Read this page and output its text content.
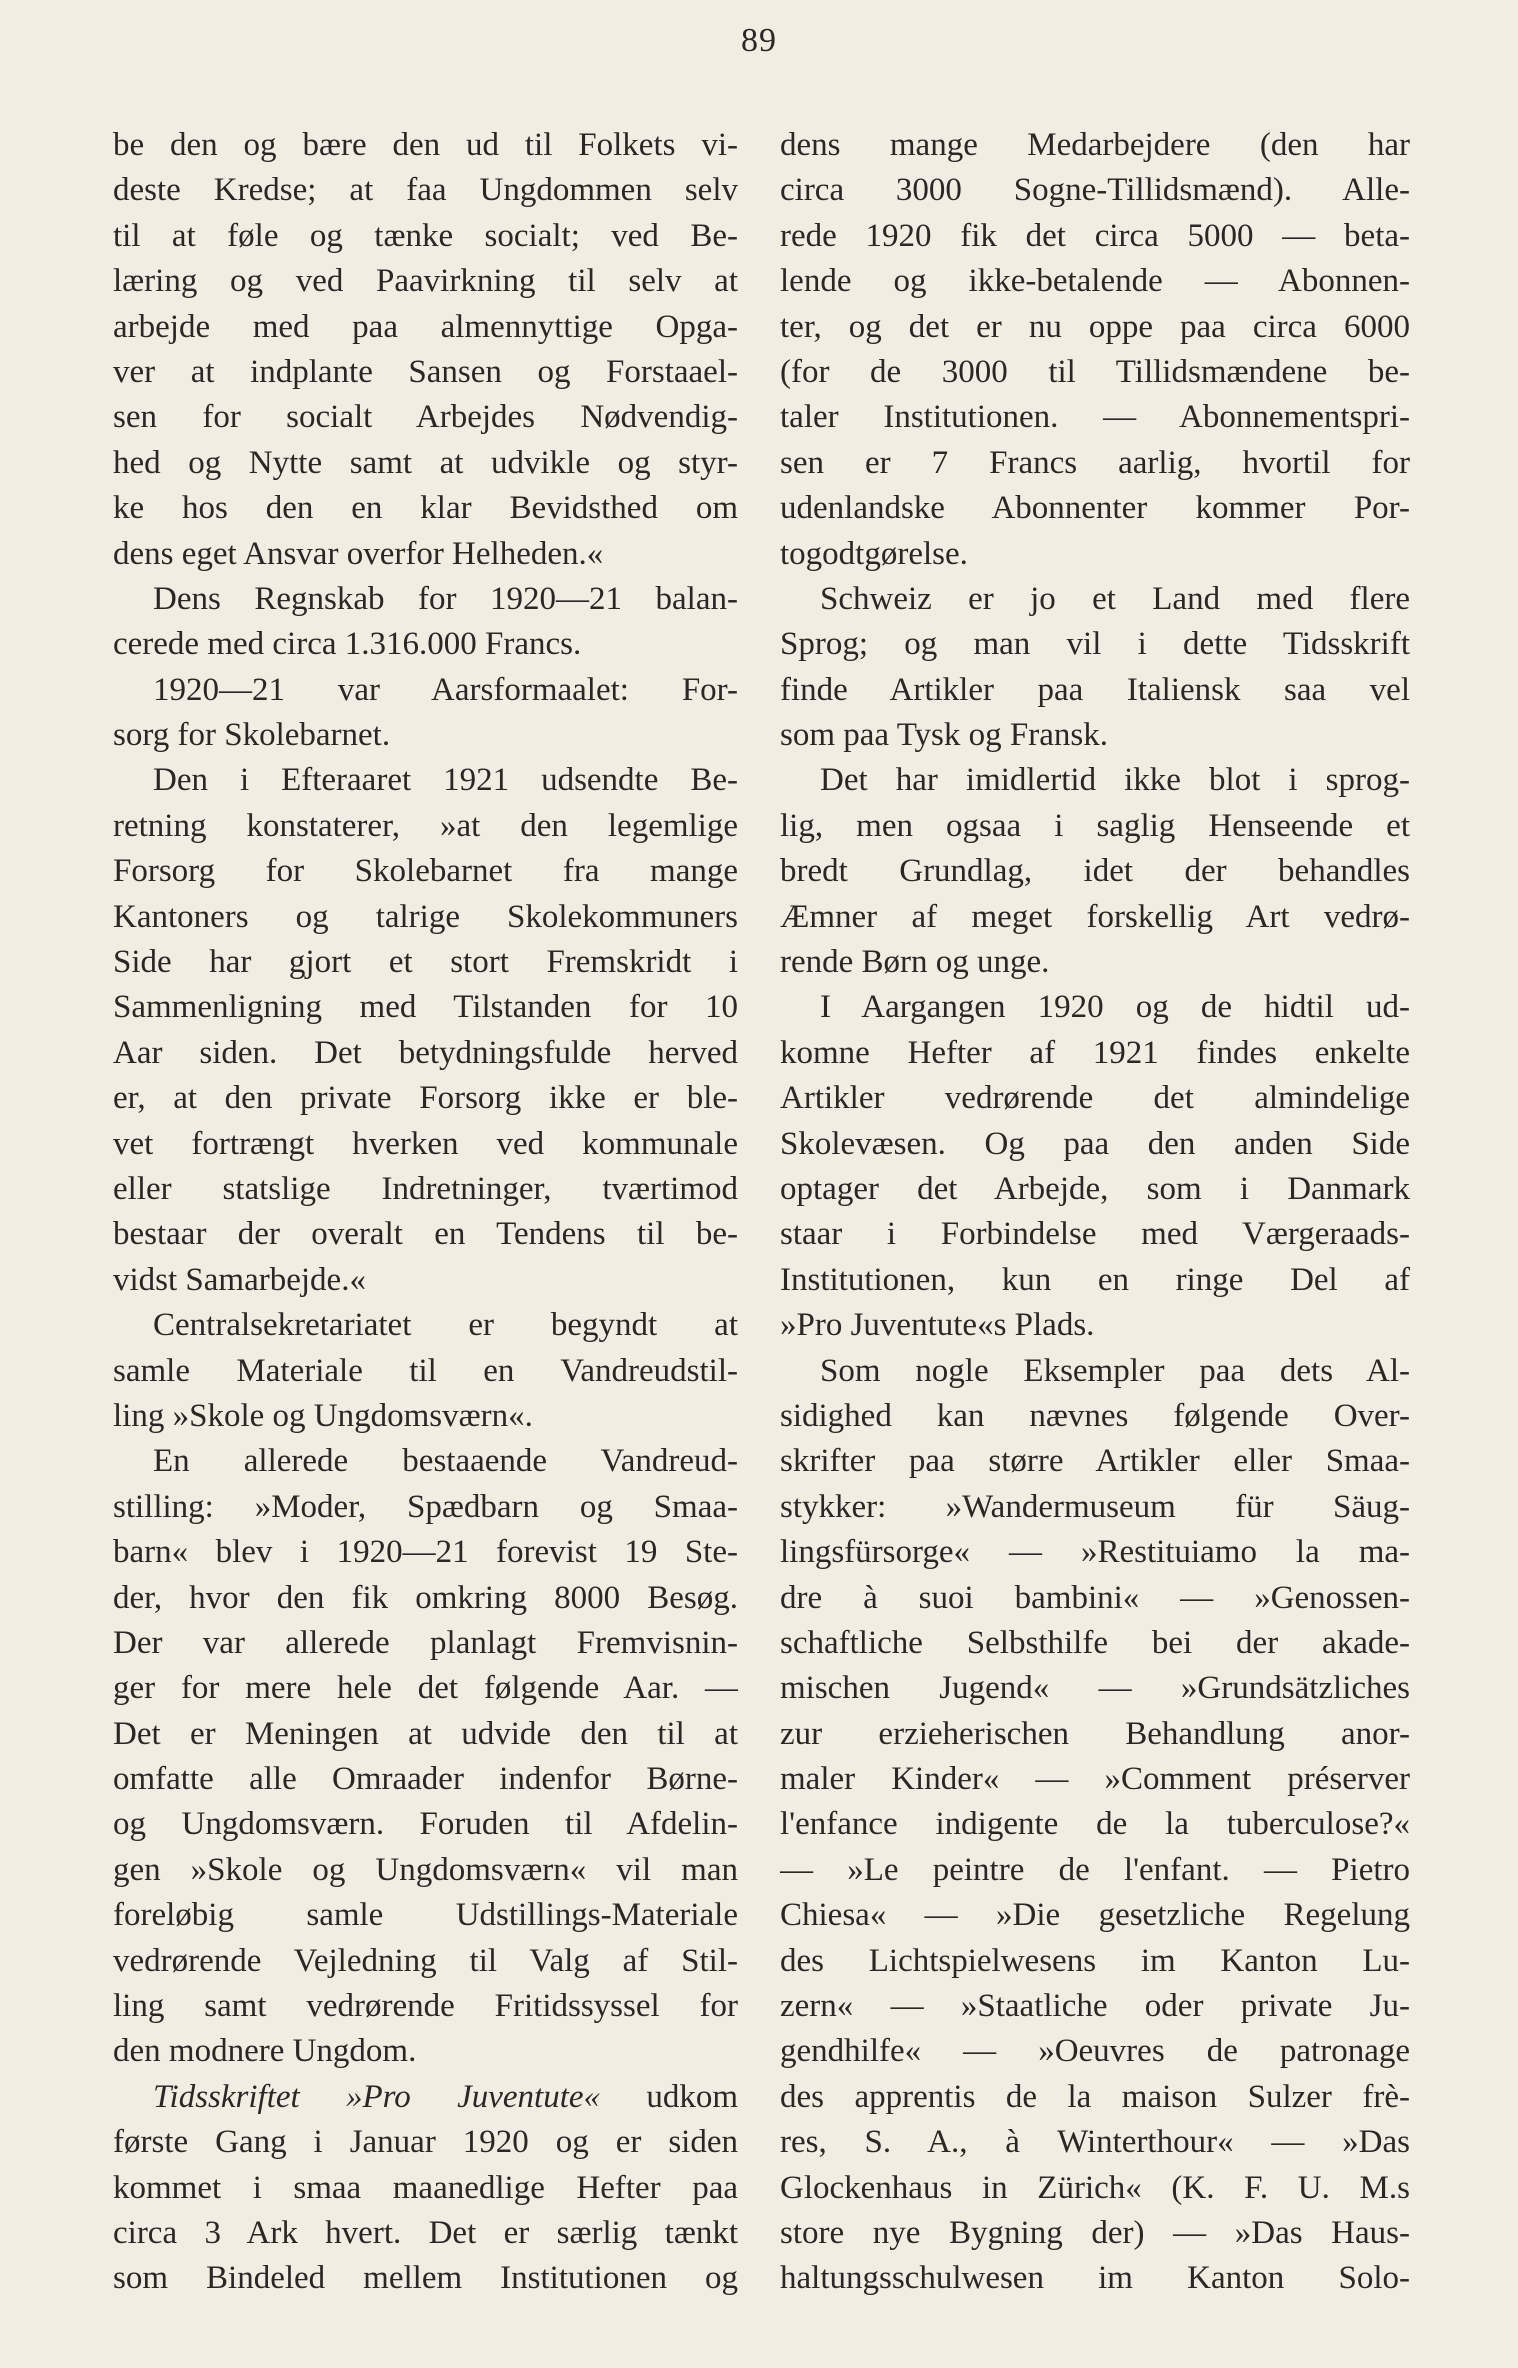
89
be den og bære den ud til Folkets vi-
deste Kredse; at faa Ungdommen selv
til at føle og tænke socialt; ved Be-
læring og ved Paavirkning til selv at
arbejde med paa almennyttige Opga-
ver at indplante Sansen og Forstaael-
sen for socialt Arbejdes Nødvendig-
hed og Nytte samt at udvikle og styr-
ke hos den en klar Bevidsthed om
dens eget Ansvar overfor Helheden.«
Dens Regnskab for 1920—21 balan-
cerede med circa 1.316.000 Francs.
1920—21 var Aarsformaalet: For-
sorg for Skolebarnet.
Den i Efteraaret 1921 udsendte Be-
retning konstaterer, »at den legemlige
Forsorg for Skolebarnet fra mange
Kantoners og talrige Skolekommuners
Side har gjort et stort Fremskridt i
Sammenligning med Tilstanden for 10
Aar siden. Det betydningsfulde herved
er, at den private Forsorg ikke er ble-
vet fortrængt hverken ved kommunale
eller statslige Indretninger, tværtimod
bestaar der overalt en Tendens til be-
vidst Samarbejde.«
Centralsekretariatet er begyndt at
samle Materiale til en Vandreudstil-
ling »Skole og Ungdomsværn«.
En allerede bestaaende Vandreud-
stilling: »Moder, Spædbarn og Smaa-
barn« blev i 1920—21 forevist 19 Ste-
der, hvor den fik omkring 8000 Besøg.
Der var allerede planlagt Fremvisnin-
ger for mere hele det følgende Aar. —
Det er Meningen at udvide den til at
omfatte alle Omraader indenfor Børne-
og Ungdomsværn. Foruden til Afdelin-
gen »Skole og Ungdomsværn« vil man
foreløbig samle Udstillings-Materiale
vedrørende Vejledning til Valg af Stil-
ling samt vedrørende Fritidssyssel for
den modnere Ungdom.
Tidsskriftet »Pro Juventute« udkom
første Gang i Januar 1920 og er siden
kommet i smaa maanedlige Hefter paa
circa 3 Ark hvert. Det er særlig tænkt
som Bindeled mellem Institutionen og
dens mange Medarbejdere (den har
circa 3000 Sogne-Tillidsmænd). Alle-
rede 1920 fik det circa 5000 — beta-
lende og ikke-betalende — Abonnen-
ter, og det er nu oppe paa circa 6000
(for de 3000 til Tillidsmændene be-
taler Institutionen. — Abonnementspri-
sen er 7 Francs aarlig, hvortil for
udenlandske Abonnenter kommer Por-
togodtgørelse.
Schweiz er jo et Land med flere
Sprog; og man vil i dette Tidsskrift
finde Artikler paa Italiensk saa vel
som paa Tysk og Fransk.
Det har imidlertid ikke blot i sprog-
lig, men ogsaa i saglig Henseende et
bredt Grundlag, idet der behandles
Æmner af meget forskellig Art vedrø-
rende Børn og unge.
I Aargangen 1920 og de hidtil ud-
komne Hefter af 1921 findes enkelte
Artikler vedrørende det almindelige
Skolevæsen. Og paa den anden Side
optager det Arbejde, som i Danmark
staar i Forbindelse med Værgeraads-
Institutionen, kun en ringe Del af
»Pro Juventute«s Plads.
Som nogle Eksempler paa dets Al-
sidighed kan nævnes følgende Over-
skrifter paa større Artikler eller Smaa-
stykker: »Wandermuseum für Säug-
lingsfürsorge« — »Restituiamo la ma-
dre à suoi bambini« — »Genossen-
schaftliche Selbsthilfe bei der akade-
mischen Jugend« — »Grundsätzliches
zur erzieherischen Behandlung anor-
maler Kinder« — »Comment préserver
l'enfance indigente de la tuberculose?«
— »Le peintre de l'enfant. — Pietro
Chiesa« — »Die gesetzliche Regelung
des Lichtspielwesens im Kanton Lu-
zern« — »Staatliche oder private Ju-
gendhilfe« — »Oeuvres de patronage
des apprentis de la maison Sulzer frè-
res, S. A., à Winterthour« — »Das
Glockenhaus in Zürich« (K. F. U. M.s
store nye Bygning der) — »Das Haus-
haltungsschulwesen im Kanton Solo-
